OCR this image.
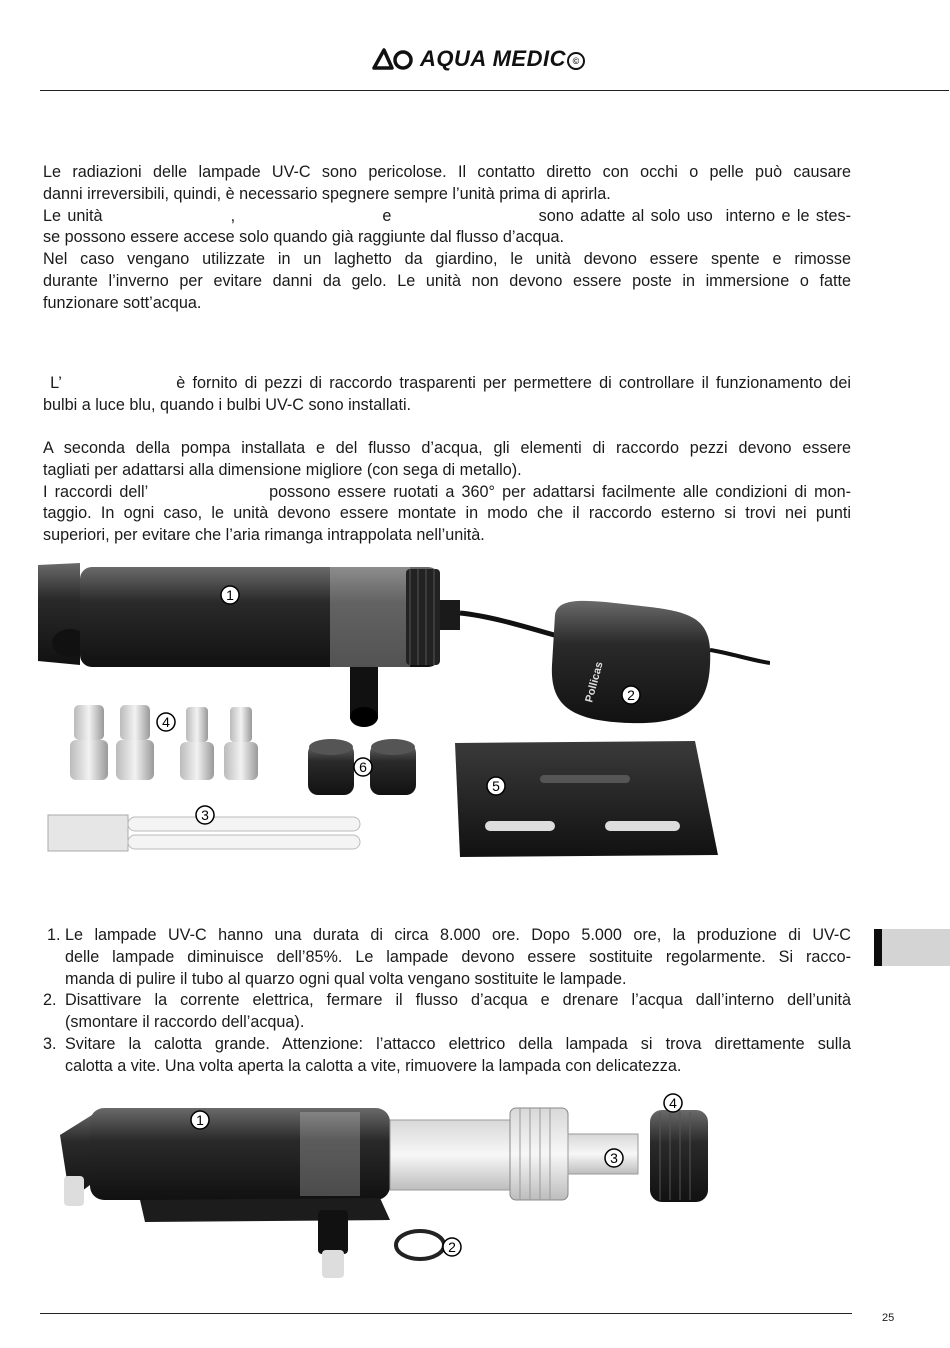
AQUA MEDIC ©
Le radiazioni delle lampade UV-C sono pericolose. Il contatto diretto con occhi o pelle può causare
danni irreversibili, quindi, è necessario spegnere sempre l’unità prima di aprirla.
Le unità                    ,                       e                       sono adatte al solo uso  interno e le stes-
se possono essere accese solo quando già raggiunte dal flusso d’acqua.
Nel caso vengano utilizzate in un laghetto da giardino, le unità devono essere spente e rimosse
durante l’inverno per evitare danni da gelo. Le unità non devono essere poste in immersione o fatte
funzionare sott’acqua.
L’                è fornito di pezzi di raccordo trasparenti per permettere di controllare il funzionamento dei
bulbi a luce blu, quando i bulbi UV-C sono installati.
A seconda della pompa installata e del flusso d’acqua, gli elementi di raccordo pezzi devono essere
tagliati per adattarsi alla dimensione migliore (con sega di metallo).
I raccordi dell’                 possono essere ruotati a 360° per adattarsi facilmente alle condizioni di mon-
taggio. In ogni caso, le unità devono essere montate in modo che il raccordo esterno si trovi nei punti
superiori, per evitare che l’aria rimanga intrappolata nell’unità.
Pollicas
1
2
3
4
5
6
1. Le lampade UV-C hanno una durata di circa 8.000 ore. Dopo 5.000 ore, la produzione di UV-C
delle lampade diminuisce dell’85%. Le lampade devono essere sostituite regolarmente. Si racco-
manda di pulire il tubo al quarzo ogni qual volta vengano sostituite le lampade.
2. Disattivare la corrente elettrica, fermare il flusso d’acqua e drenare l’acqua dall’interno dell’unità
(smontare il raccordo dell’acqua).
3. Svitare la calotta grande. Attenzione: l’attacco elettrico della lampada si trova direttamente sulla
calotta a vite. Una volta aperta la calotta a vite, rimuovere la lampada con delicatezza.
1
2
3
4
25
